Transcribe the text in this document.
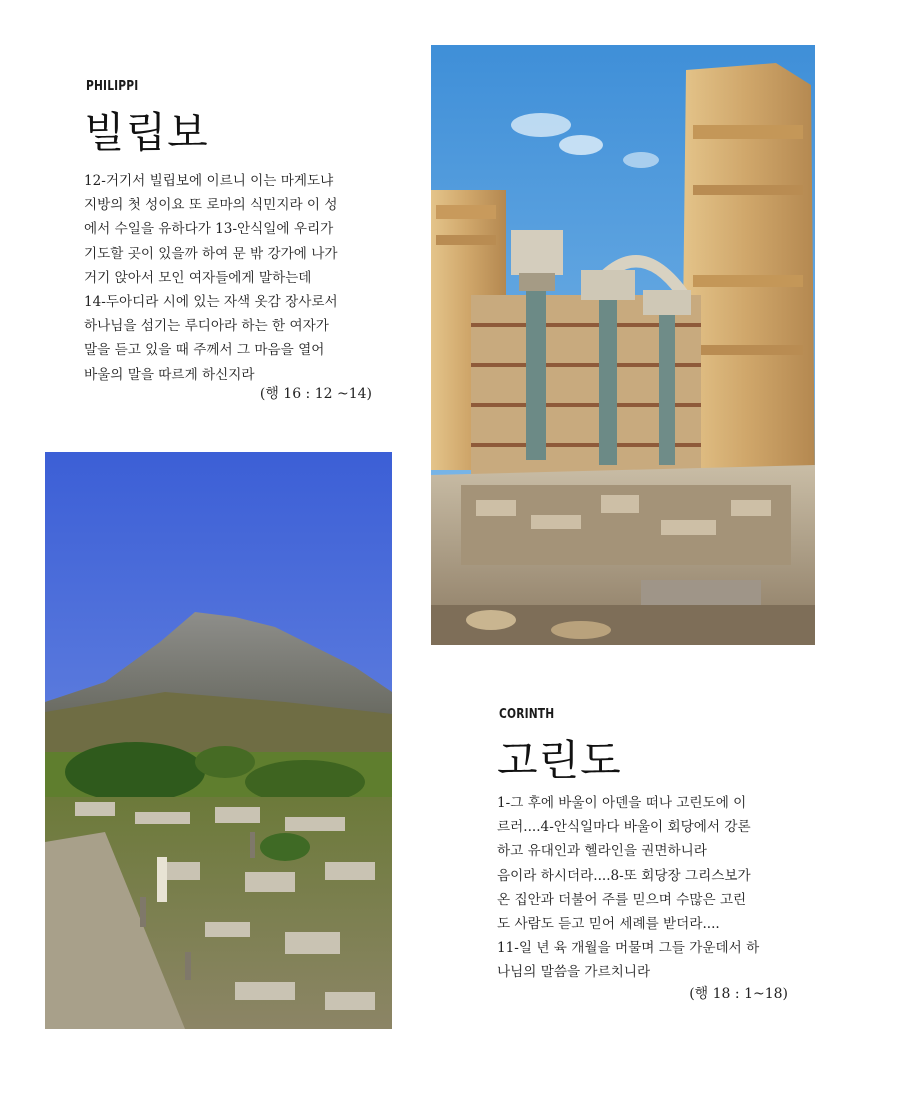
PHILIPPI
빌립보
12-거기서 빌립보에 이르니 이는 마게도냐
지방의 첫 성이요 또 로마의 식민지라 이 성
에서 수일을 유하다가 13-안식일에 우리가
기도할 곳이 있을까 하여 문 밖 강가에 나가
거기 앉아서 모인 여자들에게 말하는데
14-두아디라 시에 있는 자색 옷감 장사로서
하나님을 섬기는 루디아라 하는 한 여자가
말을 듣고 있을 때 주께서 그 마음을 열어
바울의 말을 따르게 하신지라
(행 16 : 12 ~14)
CORINTH
고린도
1-그 후에 바울이 아덴을 떠나 고린도에 이
르러....4-안식일마다 바울이 회당에서 강론
하고 유대인과 헬라인을 권면하니라
음이라 하시더라....8-또 회당장 그리스보가
온 집안과 더불어 주를 믿으며 수많은 고린
도 사람도 듣고 믿어 세례를 받더라....
11-일 년 육 개월을 머물며 그들 가운데서 하
나님의 말씀을 가르치니라
(행 18 : 1~18)
